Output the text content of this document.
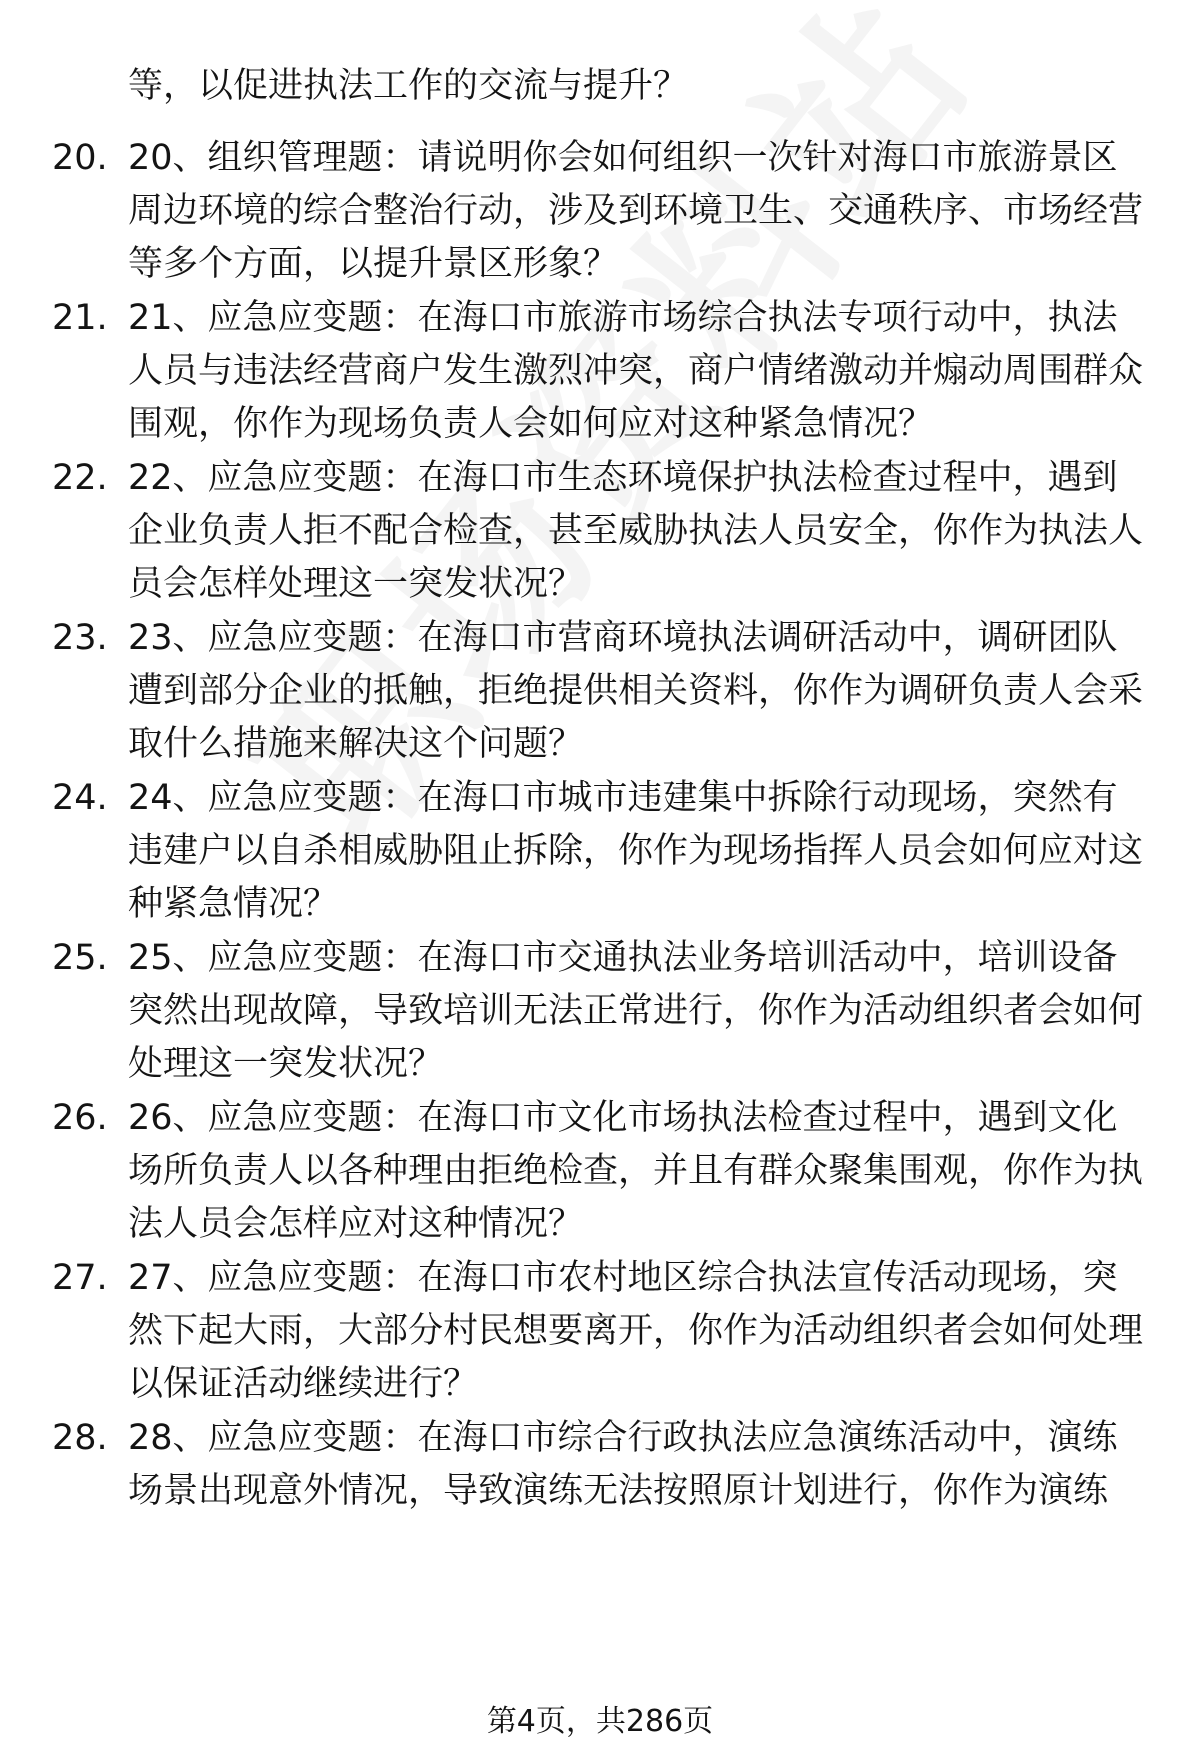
等，以促进执法工作的交流与提升？
20. 20、组织管理题：请说明你会如何组织一次针对海口市旅游景区周边环境的综合整治行动，涉及到环境卫生、交通秩序、市场经营等多个方面，以提升景区形象？
21. 21、应急应变题：在海口市旅游市场综合执法专项行动中，执法人员与违法经营商户发生激烈冲突，商户情绪激动并煽动周围群众围观，你作为现场负责人会如何应对这种紧急情况？
22. 22、应急应变题：在海口市生态环境保护执法检查过程中，遇到企业负责人拒不配合检查，甚至威胁执法人员安全，你作为执法人员会怎样处理这一突发状况？
23. 23、应急应变题：在海口市营商环境执法调研活动中，调研团队遭到部分企业的抵触，拒绝提供相关资料，你作为调研负责人会采取什么措施来解决这个问题？
24. 24、应急应变题：在海口市城市违建集中拆除行动现场，突然有违建户以自杀相威胁阻止拆除，你作为现场指挥人员会如何应对这种紧急情况？
25. 25、应急应变题：在海口市交通执法业务培训活动中，培训设备突然出现故障，导致培训无法正常进行，你作为活动组织者会如何处理这一突发状况？
26. 26、应急应变题：在海口市文化市场执法检查过程中，遇到文化场所负责人以各种理由拒绝检查，并且有群众聚集围观，你作为执法人员会怎样应对这种情况？
27. 27、应急应变题：在海口市农村地区综合执法宣传活动现场，突然下起大雨，大部分村民想要离开，你作为活动组织者会如何处理以保证活动继续进行？
28. 28、应急应变题：在海口市综合行政执法应急演练活动中，演练场景出现意外情况，导致演练无法按照原计划进行，你作为演练
第4页，共286页
